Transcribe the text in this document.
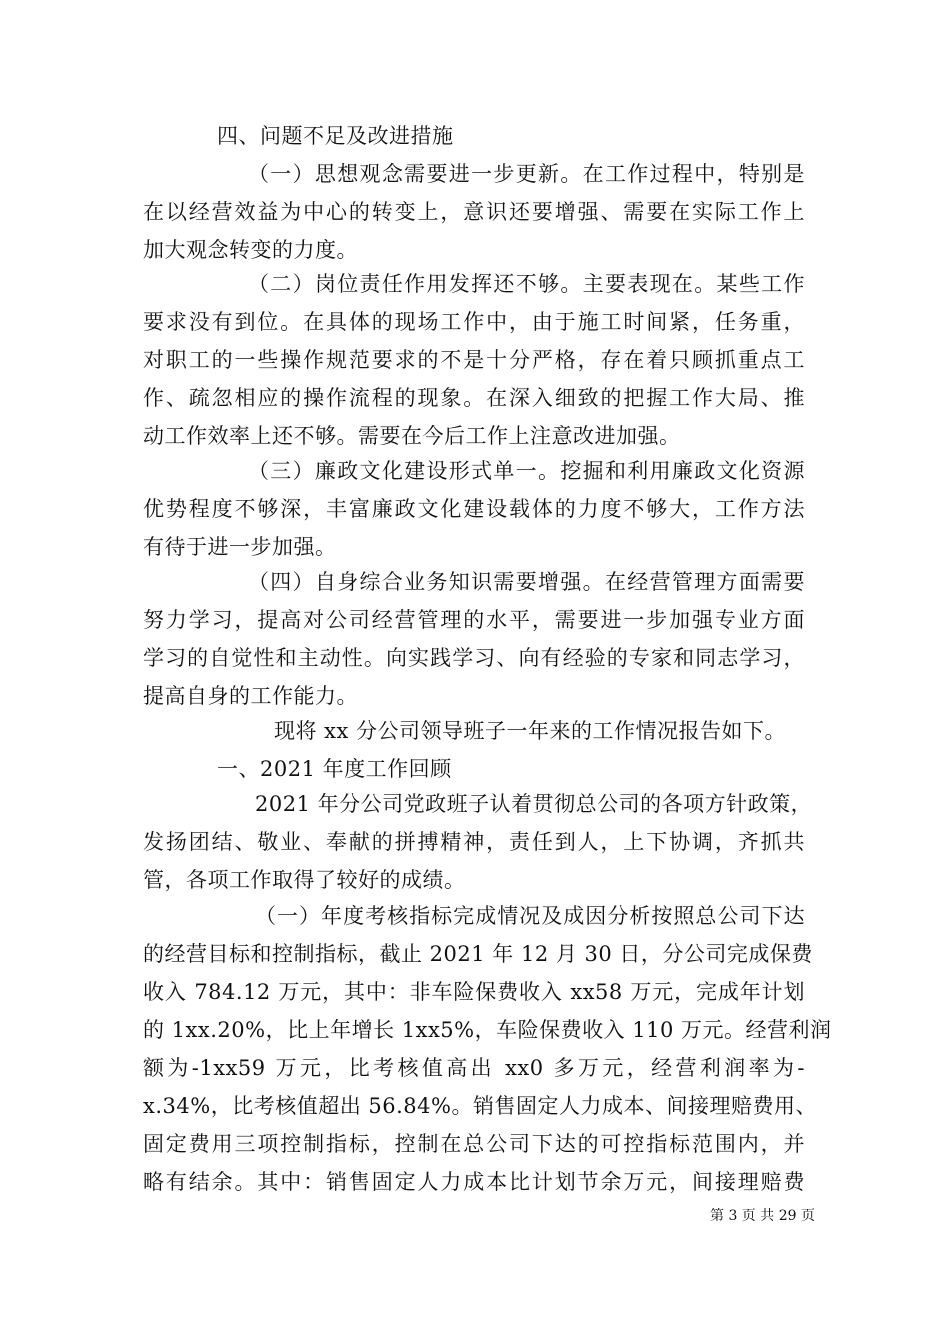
四、问题不足及改进措施
（一）思想观念需要进一步更新。在工作过程中，特别是
在以经营效益为中心的转变上，意识还要增强、需要在实际工作上
加大观念转变的力度。
（二）岗位责任作用发挥还不够。主要表现在。某些工作
要求没有到位。在具体的现场工作中，由于施工时间紧，任务重，
对职工的一些操作规范要求的不是十分严格，存在着只顾抓重点工
作、疏忽相应的操作流程的现象。在深入细致的把握工作大局、推
动工作效率上还不够。需要在今后工作上注意改进加强。
（三）廉政文化建设形式单一。挖掘和利用廉政文化资源
优势程度不够深，丰富廉政文化建设载体的力度不够大，工作方法
有待于进一步加强。
（四）自身综合业务知识需要增强。在经营管理方面需要
努力学习，提高对公司经营管理的水平，需要进一步加强专业方面
学习的自觉性和主动性。向实践学习、向有经验的专家和同志学习，
提高自身的工作能力。
现将 xx 分公司领导班子一年来的工作情况报告如下。
一、2021 年度工作回顾
2021 年分公司党政班子认着贯彻总公司的各项方针政策，
发扬团结、敬业、奉献的拼搏精神，责任到人，上下协调，齐抓共
管，各项工作取得了较好的成绩。
（一）年度考核指标完成情况及成因分析按照总公司下达
的经营目标和控制指标，截止 2021 年 12 月 30 日，分公司完成保费
收入 784.12 万元，其中：非车险保费收入 xx58 万元，完成年计划
的 1xx.20%，比上年增长 1xx5%，车险保费收入 110 万元。经营利润
额为-1xx59 万元，比考核值高出 xx0 多万元，经营利润率为-
x.34%，比考核值超出 56.84%。销售固定人力成本、间接理赔费用、
固定费用三项控制指标，控制在总公司下达的可控指标范围内，并
略有结余。其中：销售固定人力成本比计划节余万元，间接理赔费
第 3 页 共 29 页
